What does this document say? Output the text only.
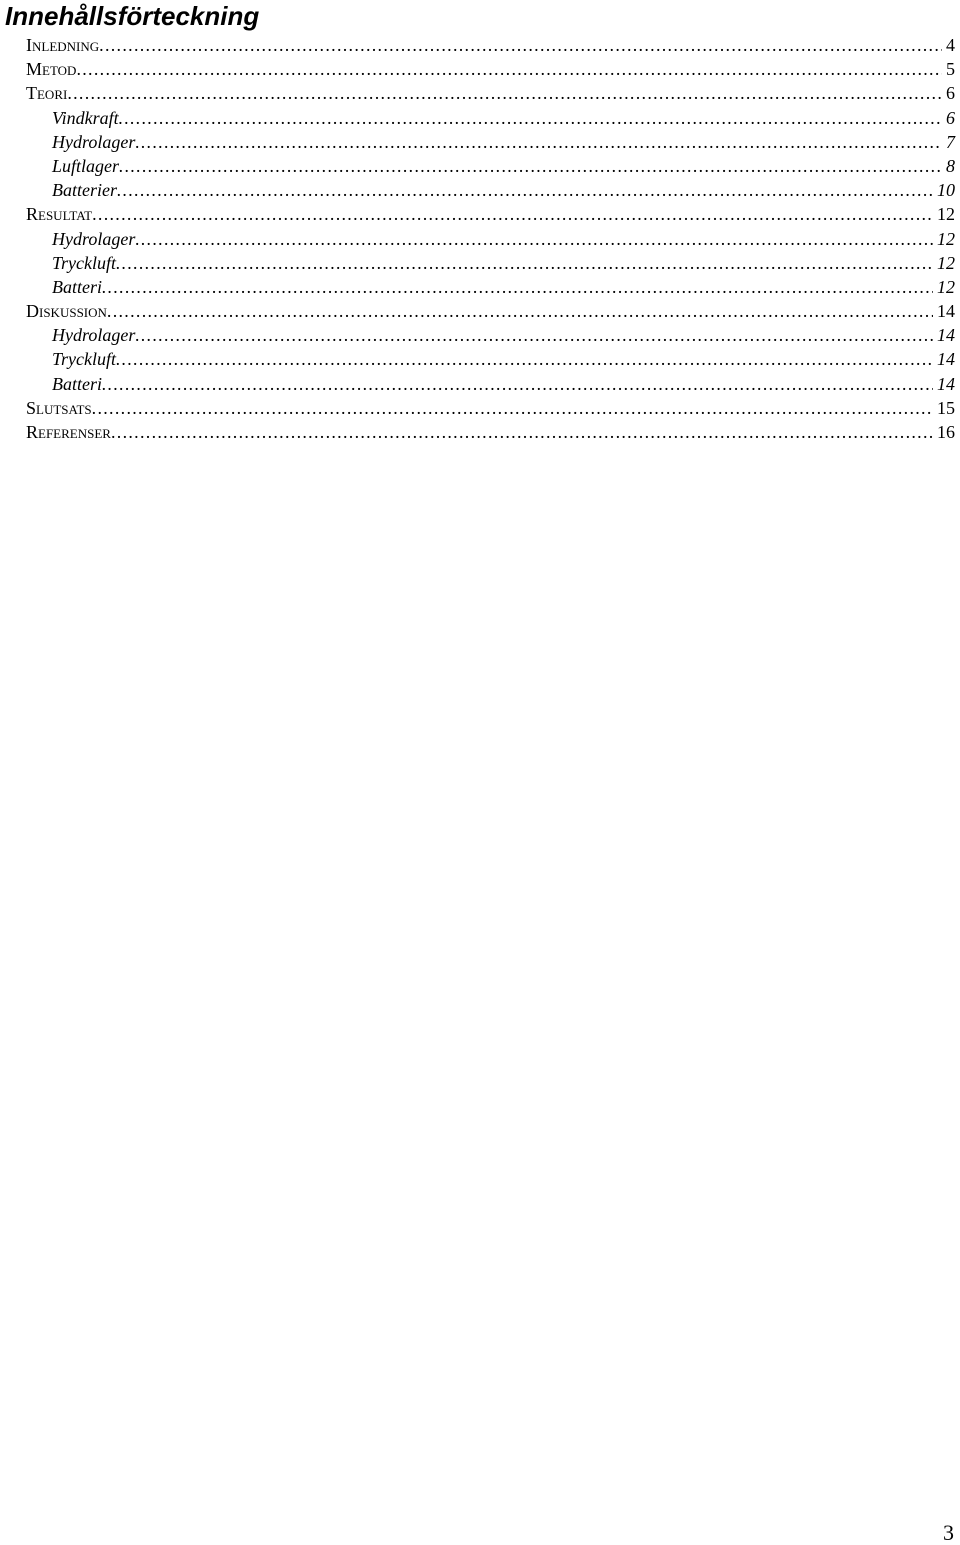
Innehållsförteckning
Inledning . . .	4
Metod . . .	5
Teori . . .	6
Vindkraft . . .	6
Hydrolager . . .	7
Luftlager . . .	8
Batterier . . .	10
Resultat . . .	12
Hydrolager . . .	12
Tryckluft . . .	12
Batteri . . .	12
Diskussion . . .	14
Hydrolager . . .	14
Tryckluft . . .	14
Batteri . . .	14
Slutsats . . .	15
Referenser . . .	16
3
